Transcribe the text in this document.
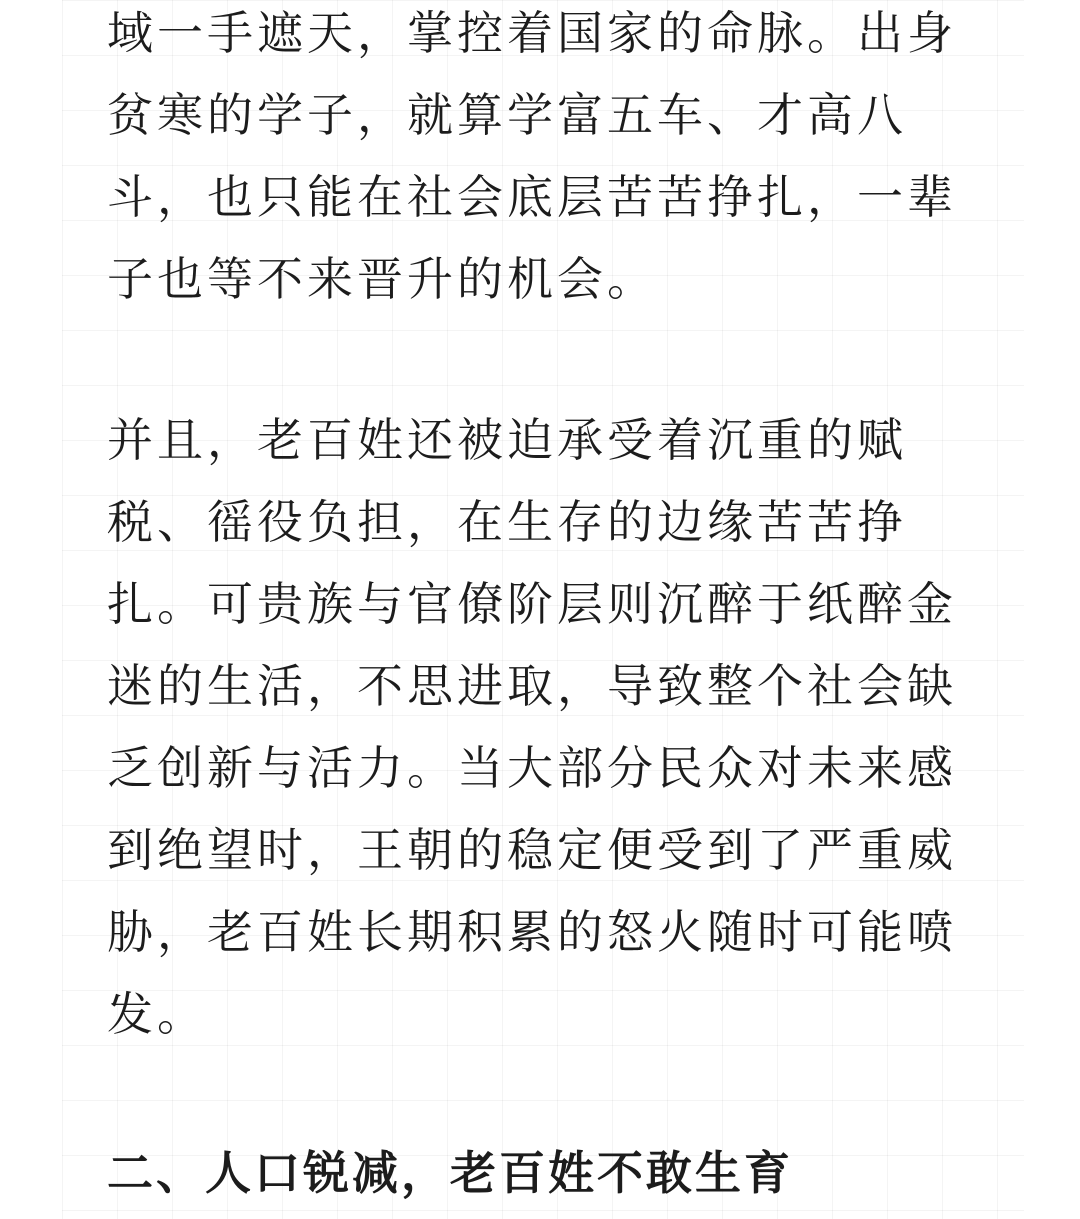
域一手遮天，掌控着国家的命脉。出身

贫寒的学子，就算学富五车、才高八

斗，也只能在社会底层苦苦挣扎，一辈

子也等不来晋升的机会。

并且，老百姓还被迫承受着沉重的赋

税、徭役负担，在生存的边缘苦苦挣

扎。可贵族与官僚阶层则沉醉于纸醉金

迷的生活，不思进取，导致整个社会缺

乏创新与活力。当大部分民众对未来感

到绝望时，王朝的稳定便受到了严重威

胁，老百姓长期积累的怒火随时可能喷

发。

二、人口锐减，老百姓不敢生育
